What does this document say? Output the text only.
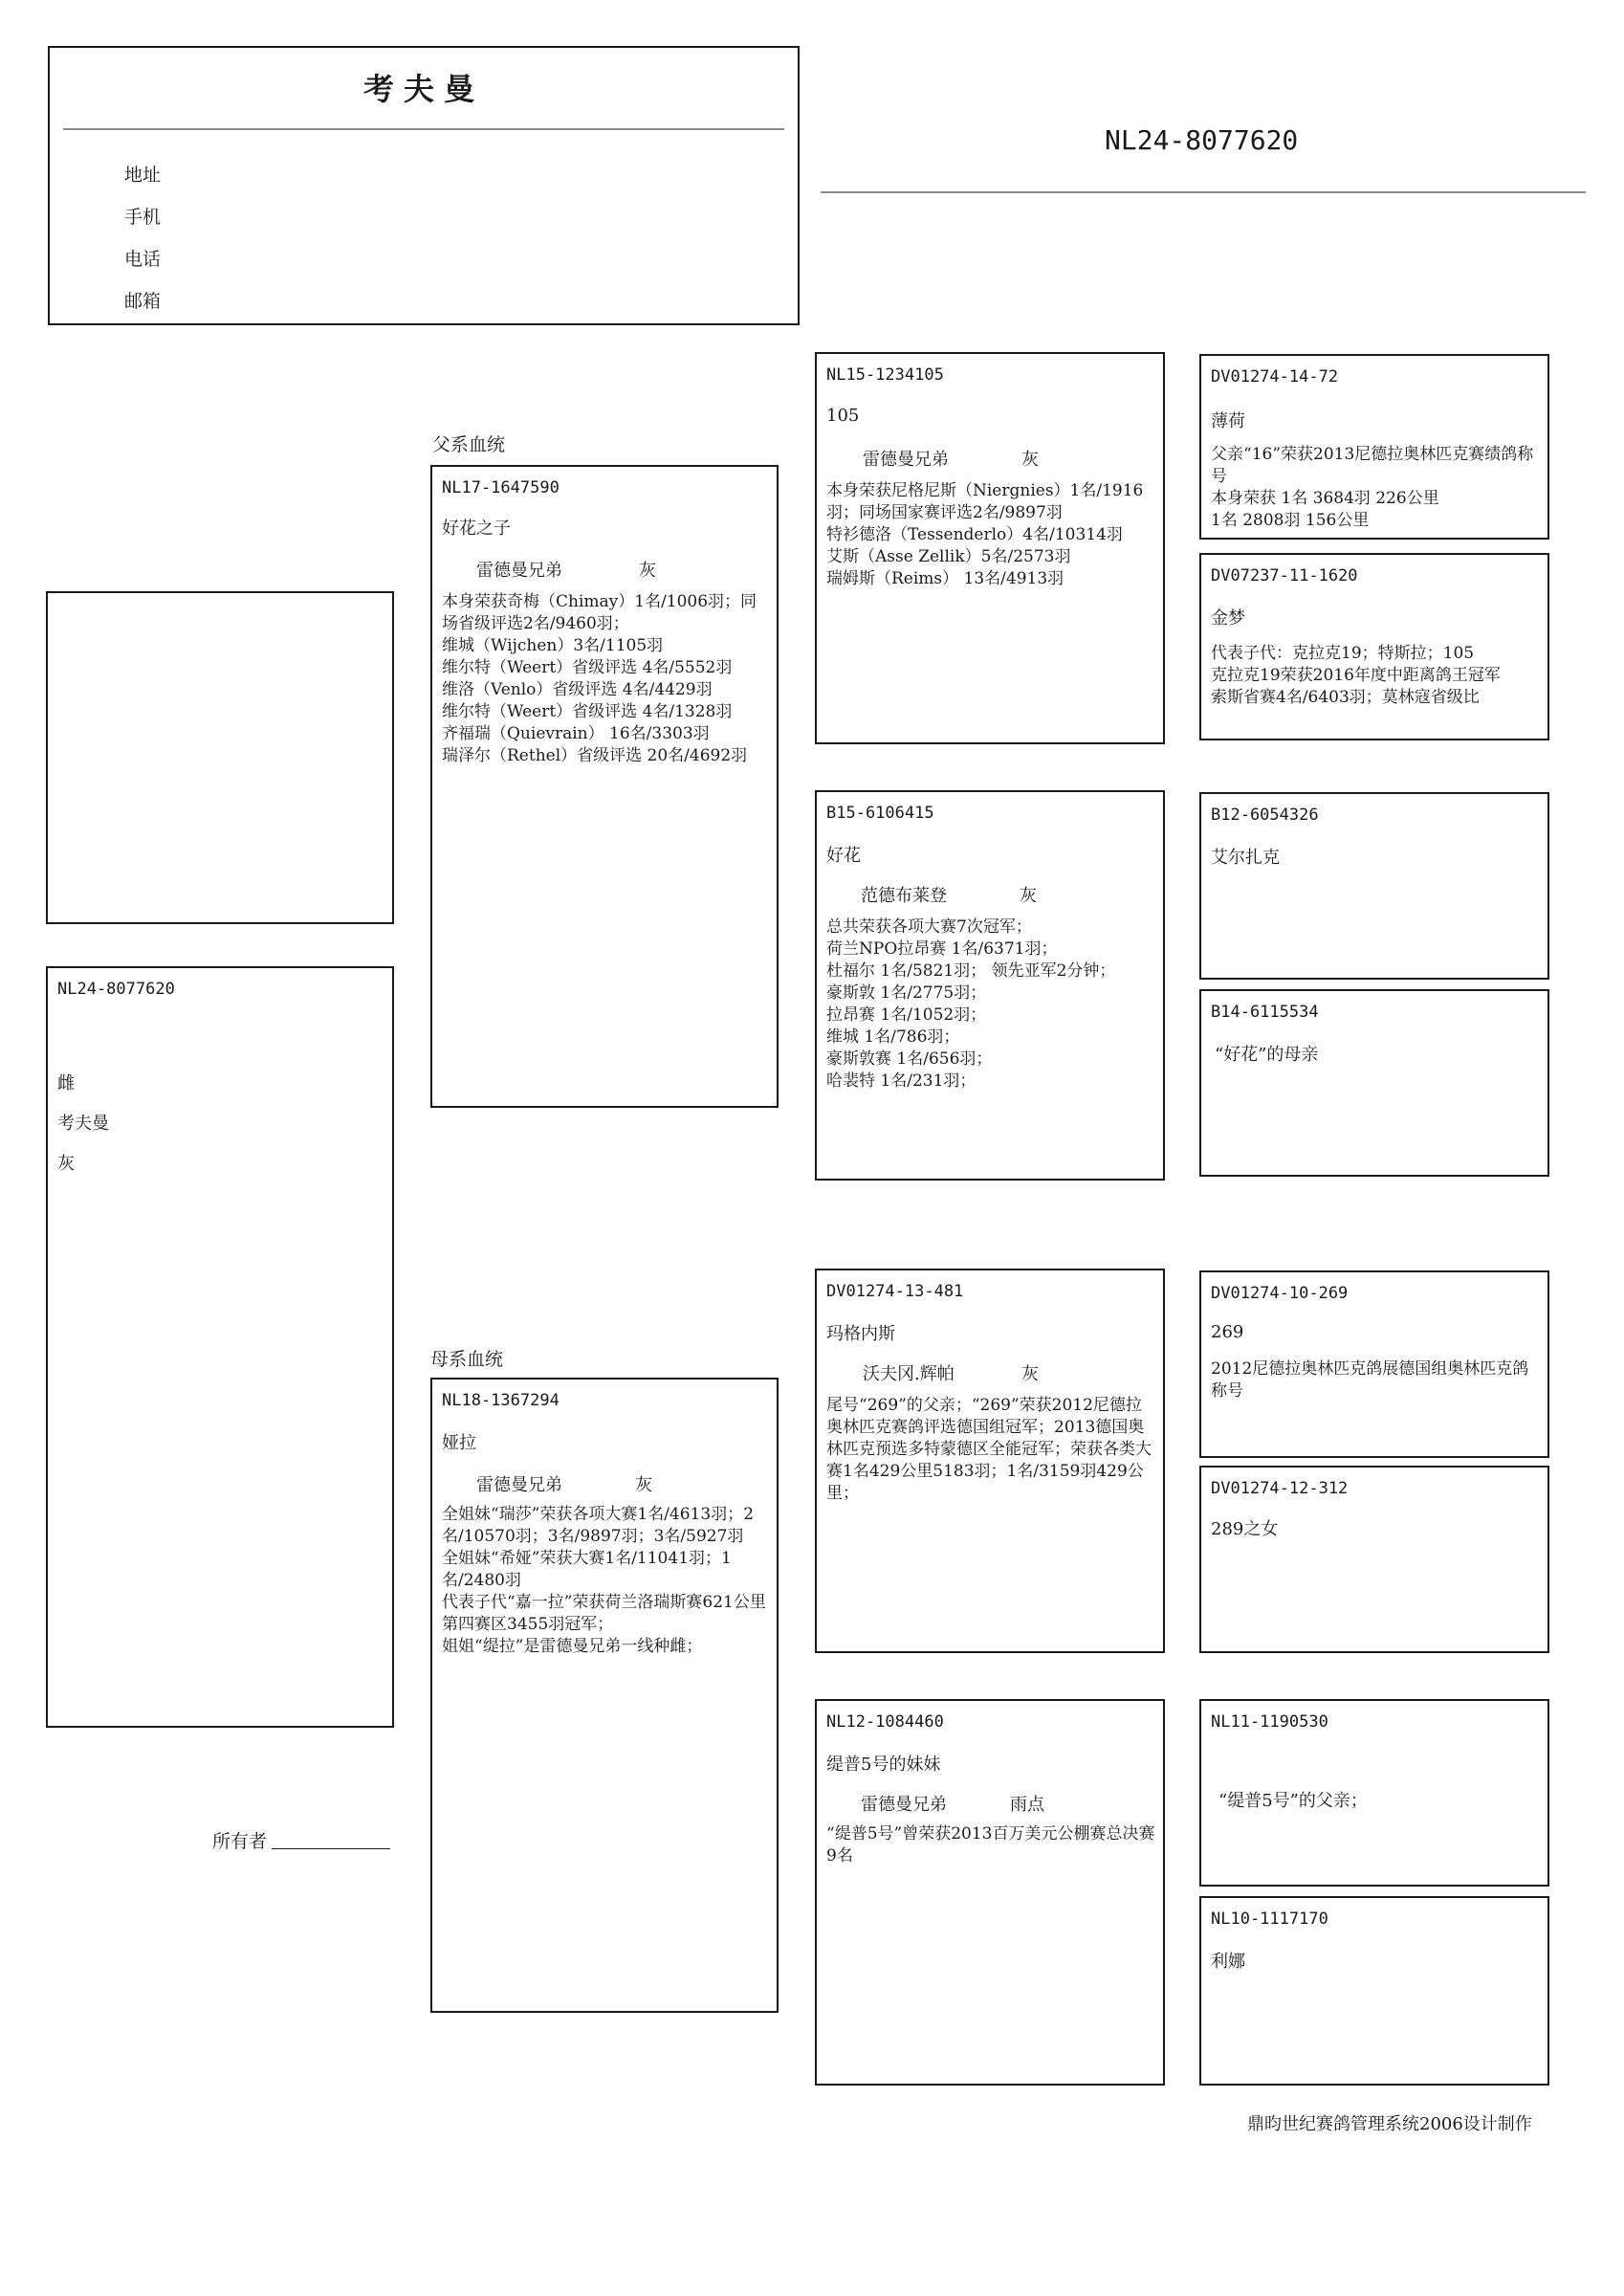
考夫曼
地址
手机
电话
邮箱
NL24-8077620
NL24-8077620
雌
考夫曼
灰
所有者
父系血统
母系血统
NL17-1647590
好花之子
雷德曼兄弟	灰
本身荣获奇梅（Chimay）1名/1006羽；同场省级评选2名/9460羽；
维城（Wijchen）3名/1105羽
维尔特（Weert）省级评选 4名/5552羽
维洛（Venlo）省级评选 4名/4429羽
维尔特（Weert）省级评选 4名/1328羽
齐福瑞（Quievrain） 16名/3303羽
瑞泽尔（Rethel）省级评选 20名/4692羽
NL18-1367294
娅拉
雷德曼兄弟	灰
全姐妹“瑞莎”荣获各项大赛1名/4613羽；2名/10570羽；3名/9897羽；3名/5927羽
全姐妹“希娅”荣获大赛1名/11041羽；1名/2480羽
代表子代“嘉一拉”荣获荷兰洛瑞斯赛621公里第四赛区3455羽冠军；
姐姐“缇拉”是雷德曼兄弟一线种雌；
NL15-1234105
105
雷德曼兄弟	灰
本身荣获尼格尼斯（Niergnies）1名/1916羽；同场国家赛评选2名/9897羽
特衫德洛（Tessenderlo）4名/10314羽
艾斯（Asse Zellik）5名/2573羽
瑞姆斯（Reims） 13名/4913羽
B15-6106415
好花
范德布莱登	灰
总共荣获各项大赛7次冠军；
荷兰NPO拉昂赛 1名/6371羽；
杜福尔 1名/5821羽； 领先亚军2分钟；
豪斯敦 1名/2775羽；
拉昂赛 1名/1052羽；
维城 1名/786羽；
豪斯敦赛 1名/656羽；
哈裴特 1名/231羽；
DV01274-13-481
玛格内斯
沃夫冈.辉帕	灰
尾号“269”的父亲；“269”荣获2012尼德拉奥林匹克赛鸽评选德国组冠军；2013德国奥林匹克预选多特蒙德区全能冠军；荣获各类大赛1名429公里5183羽；1名/3159羽429公里；
NL12-1084460
缇普5号的妹妹
雷德曼兄弟	雨点
“缇普5号”曾荣获2013百万美元公棚赛总决赛9名
DV01274-14-72
薄荷
父亲“16”荣获2013尼德拉奥林匹克赛绩鸽称号
本身荣获 1名 3684羽 226公里
1名 2808羽 156公里
DV07237-11-1620
金梦
代表子代：克拉克19；特斯拉；105
克拉克19荣获2016年度中距离鸽王冠军
索斯省赛4名/6403羽；莫林寇省级比
B12-6054326
艾尔扎克
B14-6115534
“好花”的母亲
DV01274-10-269
269
2012尼德拉奥林匹克鸽展德国组奥林匹克鸽称号
DV01274-12-312
289之女
NL11-1190530
“缇普5号”的父亲；
NL10-1117170
利娜
鼎昀世纪赛鸽管理系统2006设计制作
